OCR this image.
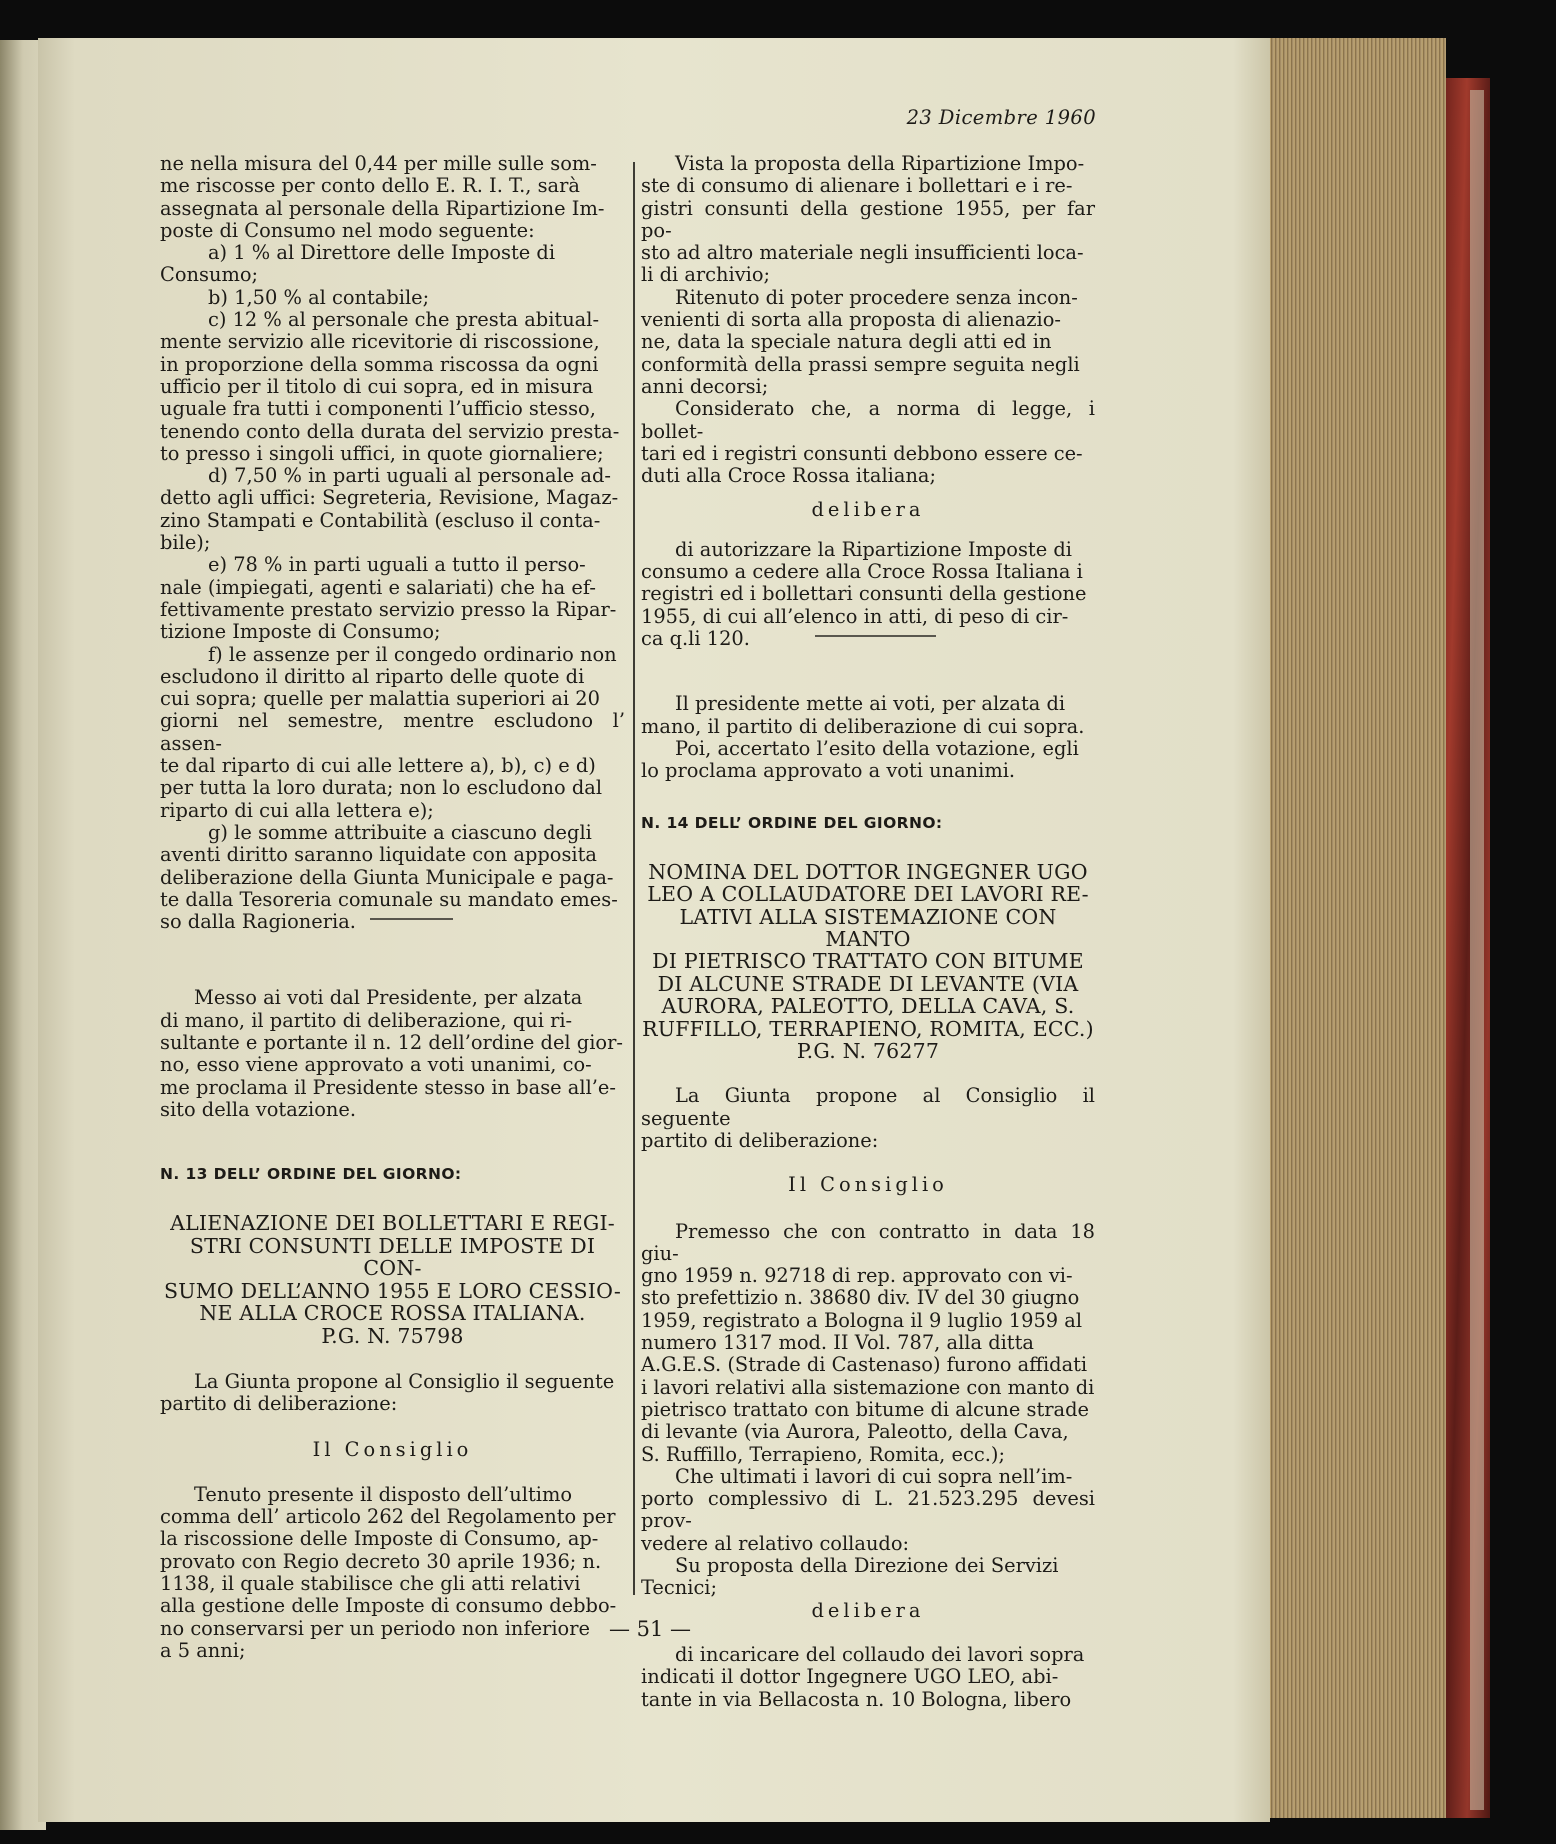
23 Dicembre 1960

ne nella misura del 0,44 per mille sulle som-
me riscosse per conto dello E. R. I. T., sarà
assegnata al personale della Ripartizione Im-
poste di Consumo nel modo seguente:

a) 1 % al Direttore delle Imposte di
Consumo;

b) 1,50 % al contabile;

c) 12 % al personale che presta abitual-
mente servizio alle ricevitorie di riscossione,
in proporzione della somma riscossa da ogni
ufficio per il titolo di cui sopra, ed in misura
uguale fra tutti i componenti l’ufficio stesso,
tenendo conto della durata del servizio presta-
to presso i singoli uffici, in quote giornaliere;

d) 7,50 % in parti uguali al personale ad-
detto agli uffici: Segreteria, Revisione, Magaz-
zino Stampati e Contabilità (escluso il conta-
bile);

e) 78 % in parti uguali a tutto il perso-
nale (impiegati, agenti e salariati) che ha ef-
fettivamente prestato servizio presso la Ripar-
tizione Imposte di Consumo;

f) le assenze per il congedo ordinario non
escludono il diritto al riparto delle quote di
cui sopra; quelle per malattia superiori ai 20
giorni nel semestre, mentre escludono l’ assen-
te dal riparto di cui alle lettere a), b), c) e d)
per tutta la loro durata; non lo escludono dal
riparto di cui alla lettera e);

g) le somme attribuite a ciascuno degli
aventi diritto saranno liquidate con apposita
deliberazione della Giunta Municipale e paga-
te dalla Tesoreria comunale su mandato emes-
so dalla Ragioneria.

Messo ai voti dal Presidente, per alzata
di mano, il partito di deliberazione, qui ri-
sultante e portante il n. 12 dell’ordine del gior-
no, esso viene approvato a voti unanimi, co-
me proclama il Presidente stesso in base all’e-
sito della votazione.

N. 13 DELL’ ORDINE DEL GIORNO:

ALIENAZIONE DEI BOLLETTARI E REGI-
STRI CONSUNTI DELLE IMPOSTE DI CON-
SUMO DELL’ANNO 1955 E LORO CESSIO-
NE ALLA CROCE ROSSA ITALIANA.
P.G. N. 75798

La Giunta propone al Consiglio il seguente
partito di deliberazione:

Il Consiglio

Tenuto presente il disposto dell’ultimo
comma dell’ articolo 262 del Regolamento per
la riscossione delle Imposte di Consumo, ap-
provato con Regio decreto 30 aprile 1936; n.
1138, il quale stabilisce che gli atti relativi
alla gestione delle Imposte di consumo debbo-
no conservarsi per un periodo non inferiore
a 5 anni;

Vista la proposta della Ripartizione Impo-
ste di consumo di alienare i bollettari e i re-
gistri consunti della gestione 1955, per far po-
sto ad altro materiale negli insufficienti loca-
li di archivio;

Ritenuto di poter procedere senza incon-
venienti di sorta alla proposta di alienazio-
ne, data la speciale natura degli atti ed in
conformità della prassi sempre seguita negli
anni decorsi;

Considerato che, a norma di legge, i bollet-
tari ed i registri consunti debbono essere ce-
duti alla Croce Rossa italiana;

delibera

di autorizzare la Ripartizione Imposte di
consumo a cedere alla Croce Rossa Italiana i
registri ed i bollettari consunti della gestione
1955, di cui all’elenco in atti, di peso di cir-
ca q.li 120.

Il presidente mette ai voti, per alzata di
mano, il partito di deliberazione di cui sopra.

Poi, accertato l’esito della votazione, egli
lo proclama approvato a voti unanimi.

N. 14 DELL’ ORDINE DEL GIORNO:

NOMINA DEL DOTTOR INGEGNER UGO
LEO A COLLAUDATORE DEI LAVORI RE-
LATIVI ALLA SISTEMAZIONE CON MANTO
DI PIETRISCO TRATTATO CON BITUME
DI ALCUNE STRADE DI LEVANTE (VIA
AURORA, PALEOTTO, DELLA CAVA, S.
RUFFILLO, TERRAPIENO, ROMITA, ECC.)
P.G. N. 76277

La Giunta propone al Consiglio il seguente
partito di deliberazione:

Il Consiglio

Premesso che con contratto in data 18 giu-
gno 1959 n. 92718 di rep. approvato con vi-
sto prefettizio n. 38680 div. IV del 30 giugno
1959, registrato a Bologna il 9 luglio 1959 al
numero 1317 mod. II Vol. 787, alla ditta
A.G.E.S. (Strade di Castenaso) furono affidati
i lavori relativi alla sistemazione con manto di
pietrisco trattato con bitume di alcune strade
di levante (via Aurora, Paleotto, della Cava,
S. Ruffillo, Terrapieno, Romita, ecc.);

Che ultimati i lavori di cui sopra nell’im-
porto complessivo di L. 21.523.295 devesi prov-
vedere al relativo collaudo:

Su proposta della Direzione dei Servizi
Tecnici;

delibera

di incaricare del collaudo dei lavori sopra
indicati il dottor Ingegnere UGO LEO, abi-
tante in via Bellacosta n. 10 Bologna, libero

— 51 —
